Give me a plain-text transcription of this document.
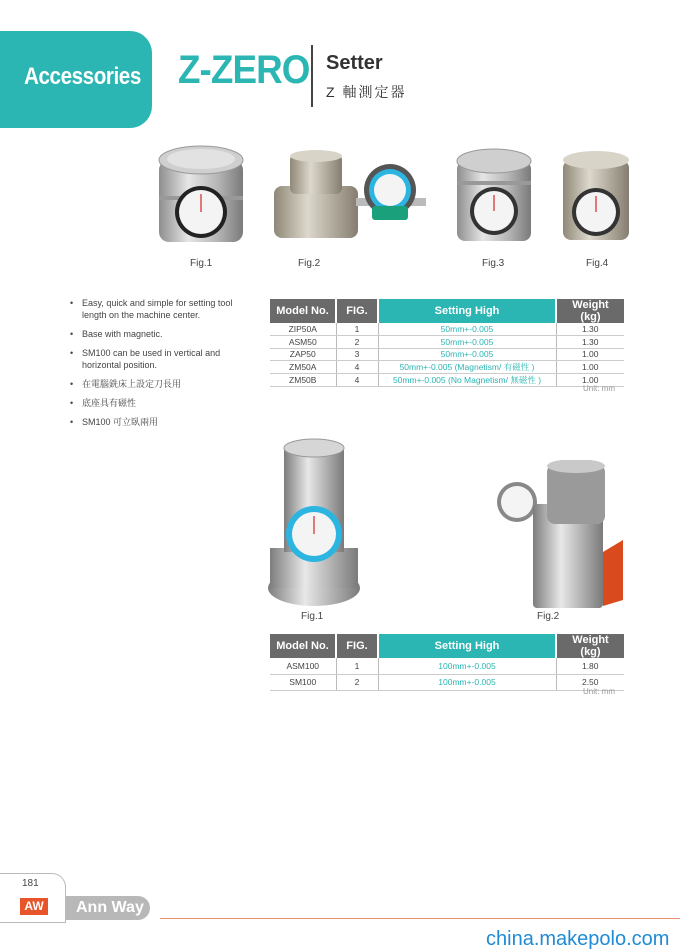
Accessories Z-ZERO Setter
Z 軸測定器
Fig.1	Fig.2	Fig.3	Fig.4
• Easy, quick and simple for setting tool length on the machine center.
• Base with magnetic.
• SM100 can be used in vertical and horizontal position.
• 在電腦銑床上設定刀長用
• 底座具有磁性
• SM100 可立臥兩用
Model No.	FIG.	Setting High	Weight (kg)
ZIP50A	1	50mm+-0.005	1.30
ASM50	2	50mm+-0.005	1.30
ZAP50	3	50mm+-0.005	1.00
ZM50A	4	50mm+-0.005 (Magnetism/ 有磁性 )	1.00
ZM50B	4	50mm+-0.005 (No Magnetism/ 無磁性 )	1.00
Unit: mm
Fig.1	Fig.2
Model No.	FIG.	Setting High	Weight (kg)
ASM100	1	100mm+-0.005	1.80
SM100	2	100mm+-0.005	2.50
Unit: mm
181
AW Ann Way
china.makepolo.com
